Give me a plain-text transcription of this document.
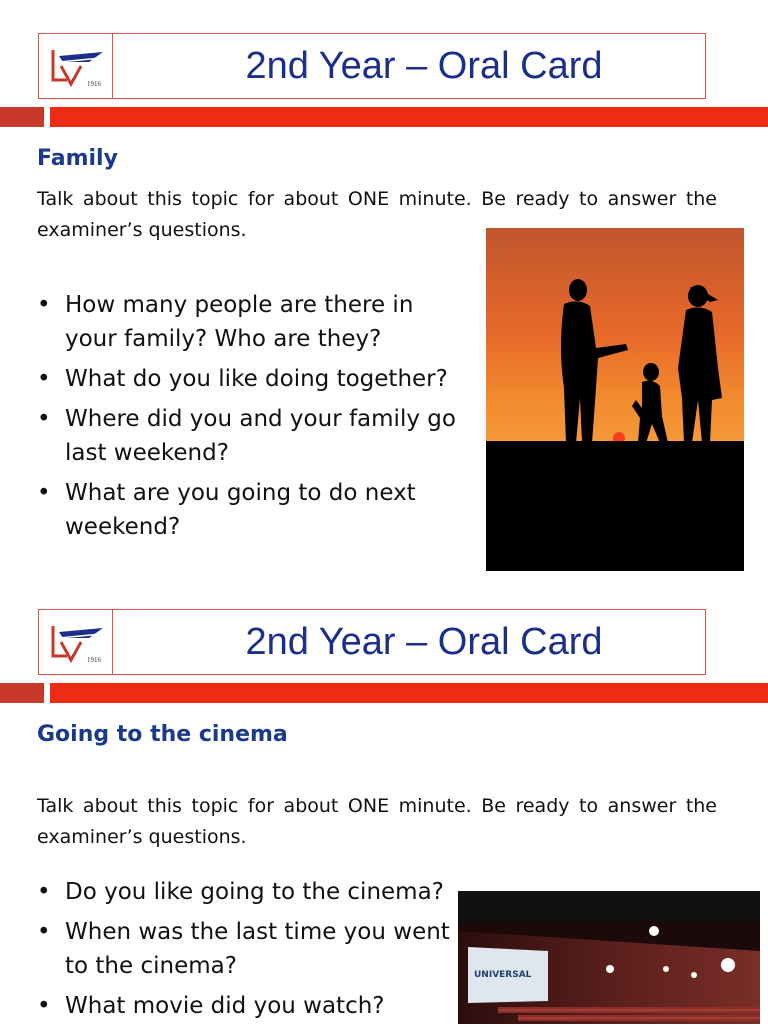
1916	2nd Year – Oral Card
Family
Talk about this topic for about ONE minute. Be ready to answer the examiner’s questions.
• How many people are there in your family? Who are they?
• What do you like doing together?
• Where did you and your family go last weekend?
• What are you going to do next weekend?
1916	2nd Year – Oral Card
Going to the cinema
Talk about this topic for about ONE minute. Be ready to answer the examiner’s questions.
• Do you like going to the cinema?
• When was the last time you went to the cinema?
• What movie did you watch?
UNIVERSAL
